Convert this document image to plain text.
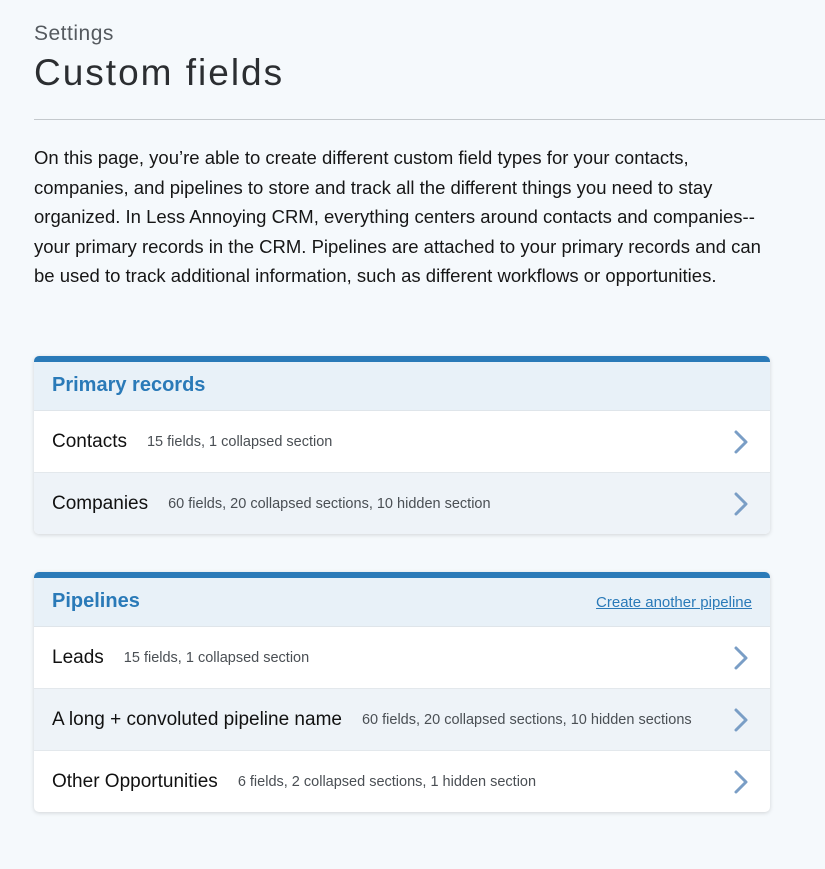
Settings
Custom fields

On this page, you’re able to create different custom field types for your contacts, companies, and pipelines to store and track all the different things you need to stay organized. In Less Annoying CRM, everything centers around contacts and companies--your primary records in the CRM. Pipelines are attached to your primary records and can be used to track additional information, such as different workflows or opportunities.

Primary records
Contacts 15 fields, 1 collapsed section
Companies 60 fields, 20 collapsed sections, 10 hidden section
Pipelines	Create another pipeline
Leads 15 fields, 1 collapsed section
A long + convoluted pipeline name 60 fields, 20 collapsed sections, 10 hidden sections
Other Opportunities 6 fields, 2 collapsed sections, 1 hidden section
